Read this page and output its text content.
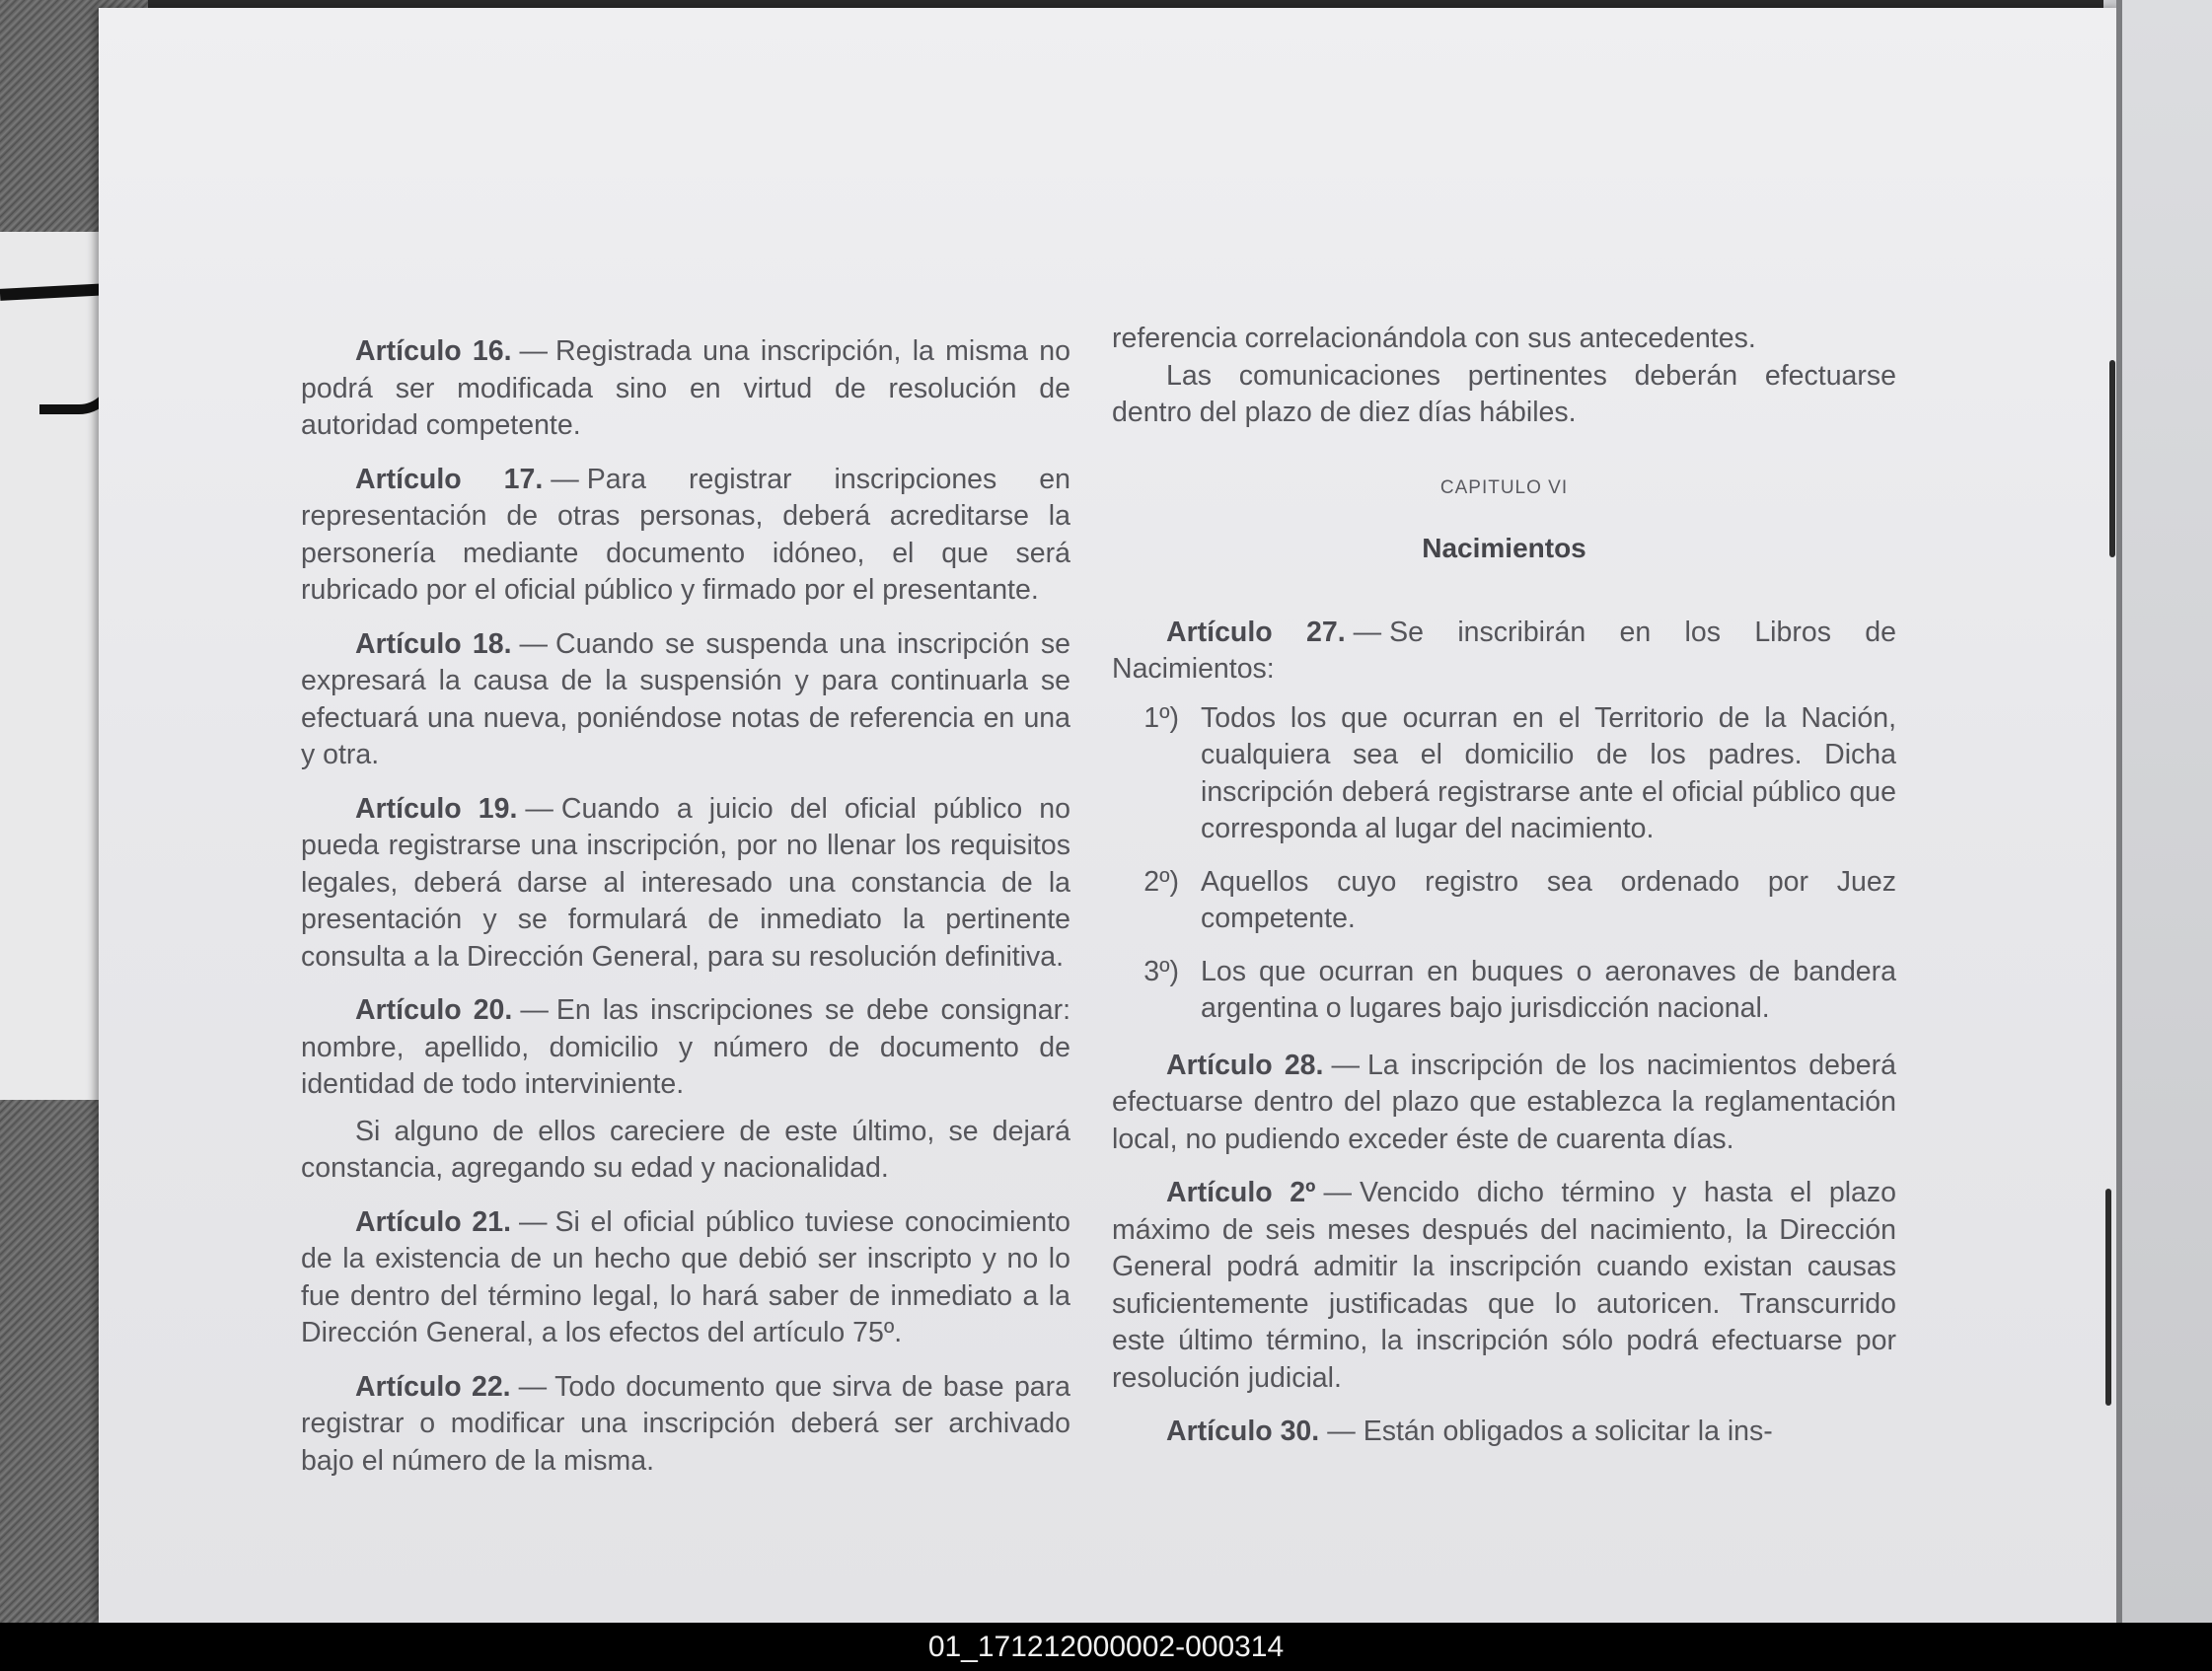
Artículo 16. — Registrada una inscripción, la misma no podrá ser modificada sino en virtud de resolución de autoridad competente.

Artículo 17. — Para registrar inscripciones en representación de otras personas, deberá acreditarse la personería mediante documento idóneo, el que será rubricado por el oficial público y firmado por el presentante.

Artículo 18. — Cuando se suspenda una inscripción se expresará la causa de la suspensión y para continuarla se efectuará una nueva, poniéndose notas de referencia en una y otra.

Artículo 19. — Cuando a juicio del oficial público no pueda registrarse una inscripción, por no llenar los requisitos legales, deberá darse al interesado una constancia de la presentación y se formulará de inmediato la pertinente consulta a la Dirección General, para su resolución definitiva.

Artículo 20. — En las inscripciones se debe consignar: nombre, apellido, domicilio y número de documento de identidad de todo interviniente.

Si alguno de ellos careciere de este último, se dejará constancia, agregando su edad y nacionalidad.

Artículo 21. — Si el oficial público tuviese conocimiento de la existencia de un hecho que debió ser inscripto y no lo fue dentro del término legal, lo hará saber de inmediato a la Dirección General, a los efectos del artículo 75º.

Artículo 22. — Todo documento que sirva de base para registrar o modificar una inscripción deberá ser archivado bajo el número de la misma.

referencia correlacionándola con sus antecedentes.

Las comunicaciones pertinentes deberán efectuarse dentro del plazo de diez días hábiles.

CAPITULO VI
Nacimientos

Artículo 27. — Se inscribirán en los Libros de Nacimientos:

1º) Todos los que ocurran en el Territorio de la Nación, cualquiera sea el domicilio de los padres. Dicha inscripción deberá registrarse ante el oficial público que corresponda al lugar del nacimiento.
2º) Aquellos cuyo registro sea ordenado por Juez competente.
3º) Los que ocurran en buques o aeronaves de bandera argentina o lugares bajo jurisdicción nacional.

Artículo 28. — La inscripción de los nacimientos deberá efectuarse dentro del plazo que establezca la reglamentación local, no pudiendo exceder éste de cuarenta días.

Artículo 2º — Vencido dicho término y hasta el plazo máximo de seis meses después del nacimiento, la Dirección General podrá admitir la inscripción cuando existan causas suficientemente justificadas que lo autoricen. Transcurrido este último término, la inscripción sólo podrá efectuarse por resolución judicial.

Artículo 30. — Están obligados a solicitar la ins-

01_171212000002-000314
